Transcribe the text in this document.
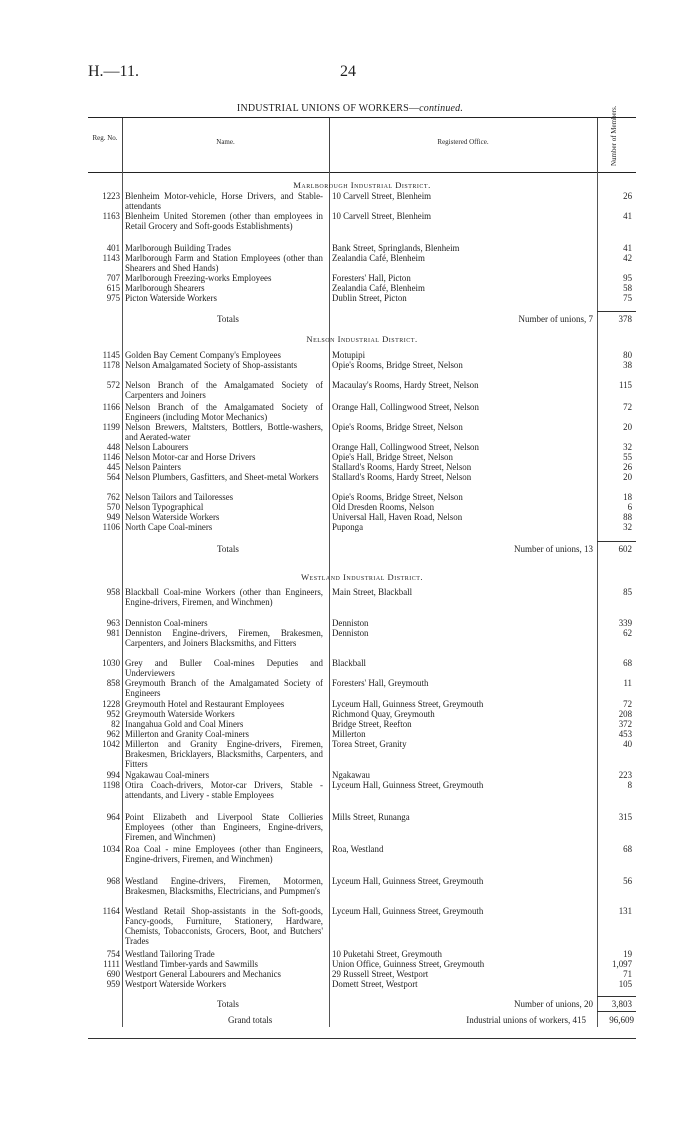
H.—11.	24
INDUSTRIAL UNIONS OF WORKERS—continued.
Reg. No.	Name.	Registered Office.	Number of Members.
Marlborough Industrial District.
1223 Blenheim Motor-vehicle, Horse Drivers, and Stable-attendants
10 Carvell Street, Blenheim	26
1163 Blenheim United Storemen (other than employees in Retail Grocery and Soft-goods Establishments)
10 Carvell Street, Blenheim	41
401 Marlborough Building Trades	Bank Street, Springlands, Blenheim	41
1143 Marlborough Farm and Station Employees (other than Shearers and Shed Hands)
Zealandia Café, Blenheim	42
707 Marlborough Freezing-works Employees	Foresters' Hall, Picton	95
615 Marlborough Shearers	Zealandia Café, Blenheim	58
975 Picton Waterside Workers	Dublin Street, Picton	75
Totals	Number of unions, 7	378
Nelson Industrial District.
1145 Golden Bay Cement Company's Employees	Motupipi	80
1178 Nelson Amalgamated Society of Shop-assistants	Opie's Rooms, Bridge Street, Nelson	38
572 Nelson Branch of the Amalgamated Society of Carpenters and Joiners
Macaulay's Rooms, Hardy Street, Nelson	115
1166 Nelson Branch of the Amalgamated Society of Engineers (including Motor Mechanics)
Orange Hall, Collingwood Street, Nelson	72
1199 Nelson Brewers, Maltsters, Bottlers, Bottle-washers, and Aerated-water
Opie's Rooms, Bridge Street, Nelson	20
448 Nelson Labourers	Orange Hall, Collingwood Street, Nelson	32
1146 Nelson Motor-car and Horse Drivers	Opie's Hall, Bridge Street, Nelson	55
445 Nelson Painters	Stallard's Rooms, Hardy Street, Nelson	26
564 Nelson Plumbers, Gasfitters, and Sheet-metal Workers	Stallard's Rooms, Hardy Street, Nelson	20
762 Nelson Tailors and Tailoresses	Opie's Rooms, Bridge Street, Nelson	18
570 Nelson Typographical	Old Dresden Rooms, Nelson	6
949 Nelson Waterside Workers	Universal Hall, Haven Road, Nelson	88
1106 North Cape Coal-miners	Puponga	32
Totals	Number of unions, 13	602
Westland Industrial District.
958 Blackball Coal-mine Workers (other than Engineers, Engine-drivers, Firemen, and Winchmen)
Main Street, Blackball	85
963 Denniston Coal-miners	Denniston	339
981 Denniston Engine-drivers, Firemen, Brakesmen, Carpenters, and Joiners Blacksmiths, and Fitters
Denniston	62
1030 Grey and Buller Coal-mines Deputies and Underviewers
Blackball	68
858 Greymouth Branch of the Amalgamated Society of Engineers
Foresters' Hall, Greymouth	11
1228 Greymouth Hotel and Restaurant Employees	Lyceum Hall, Guinness Street, Greymouth	72
952 Greymouth Waterside Workers	Richmond Quay, Greymouth	208
82 Inangahua Gold and Coal Miners	Bridge Street, Reefton	372
962 Millerton and Granity Coal-miners	Millerton	453
1042 Millerton and Granity Engine-drivers, Firemen, Brakesmen, Bricklayers, Blacksmiths, Carpenters, and Fitters
Torea Street, Granity	40
994 Ngakawau Coal-miners	Ngakawau	223
1198 Otira Coach-drivers, Motor-car Drivers, Stable - attendants, and Livery - stable Employees
Lyceum Hall, Guinness Street, Greymouth	8
964 Point Elizabeth and Liverpool State Collieries Employees (other than Engineers, Engine-drivers, Firemen, and Winchmen)
Mills Street, Runanga	315
1034 Roa Coal - mine Employees (other than Engineers, Engine-drivers, Firemen, and Winchmen)
Roa, Westland	68
968 Westland Engine-drivers, Firemen, Motormen, Brakesmen, Blacksmiths, Electricians, and Pumpmen's
Lyceum Hall, Guinness Street, Greymouth	56
1164 Westland Retail Shop-assistants in the Soft-goods, Fancy-goods, Furniture, Stationery, Hardware, Chemists, Tobacconists, Grocers, Boot, and Butchers' Trades
Lyceum Hall, Guinness Street, Greymouth	131
754 Westland Tailoring Trade	10 Puketahi Street, Greymouth	19
1111 Westland Timber-yards and Sawmills	Union Office, Guinness Street, Greymouth	1,097
690 Westport General Labourers and Mechanics	29 Russell Street, Westport	71
959 Westport Waterside Workers	Domett Street, Westport	105
Totals	Number of unions, 20	3,803
Grand totals	Industrial unions of workers, 415	96,609
